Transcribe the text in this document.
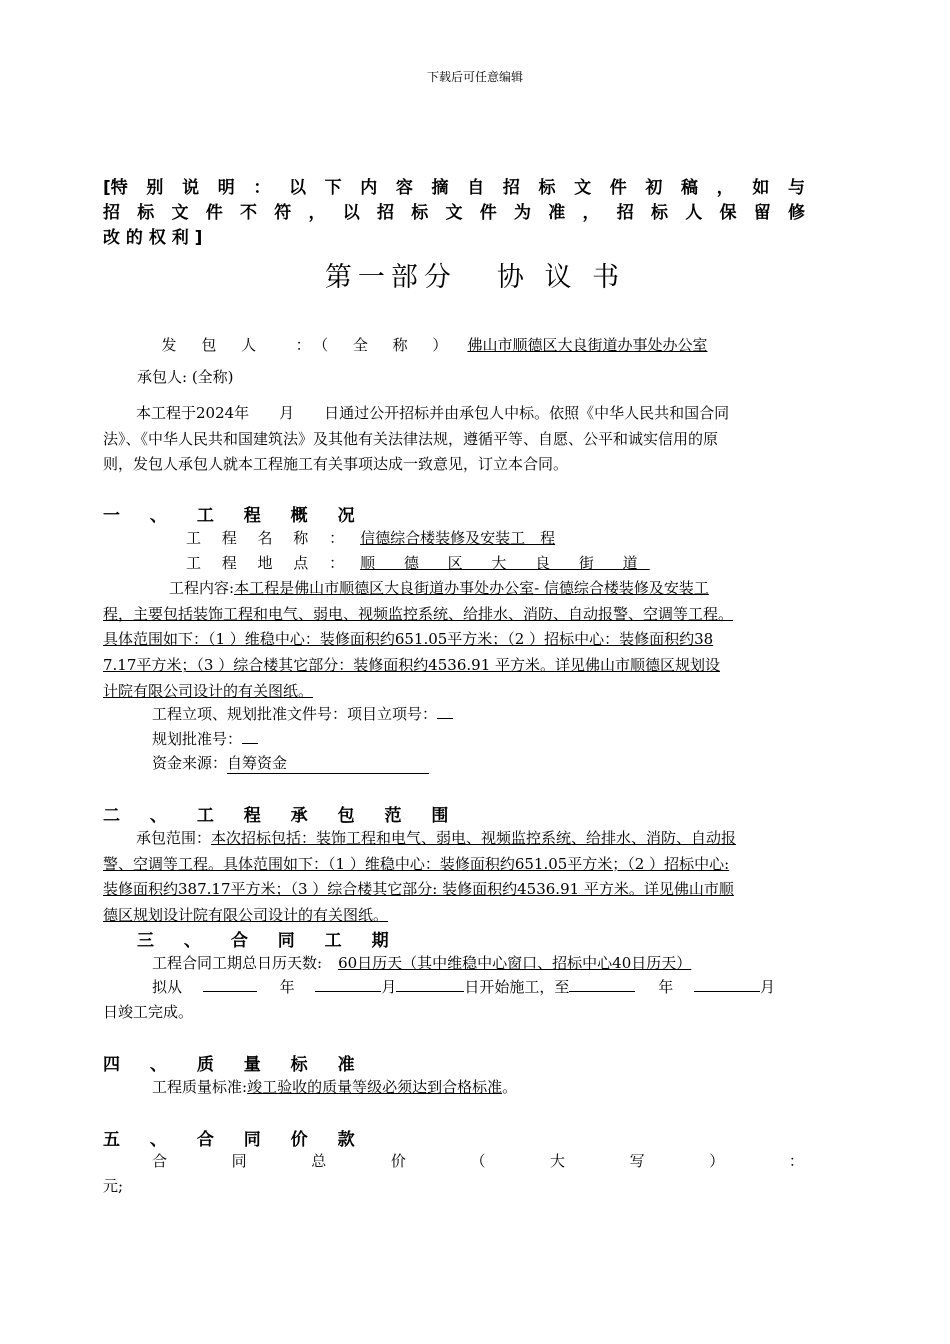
下载后可任意编辑
[特 别 说 明 ： 以 下 内 容 摘 自 招 标 文 件 初 稿 ， 如 与
招 标 文 件 不 符 ， 以 招 标 文 件 为 准 ， 招 标 人 保 留 修
改 的 权 利 ]
第一部分 协 议 书

发 包 人  ：（ 全 称 ） 佛山市顺德区大良街道办事处办公室

承包人: (全称)
本工程于2024年　　月　　日通过公开招标并由承包人中标。依照《中华人民共和国合同
法》、《中华人民共和国建筑法》及其他有关法律法规，遵循平等、自愿、公平和诚实信用的原
则，发包人承包人就本工程施工有关事项达成一致意见，订立本合同。
一 、 工 程 概 况
工 程 名 称 ： 信德综合楼装修及安装工　程
工 程 地 点 ： 顺 德 区 大 良 街 道
工程内容:本工程是佛山市顺德区大良街道办事处办公室- 信德综合楼装修及安装工
程，主要包括装饰工程和电气、弱电、视频监控系统、给排水、消防、自动报警、空调等工程。
具体范围如下：（1 ）维稳中心：装修面积约651.05平方米；（2 ）招标中心：装修面积约38
7.17平方米；（3 ）综合楼其它部分：装修面积约4536.91 平方米。详见佛山市顺德区规划设
计院有限公司设计的有关图纸。
工程立项、规划批准文件号：项目立项号：
规划批准号：
资金来源：自筹资金
二 、 工 程 承 包 范 围
承包范围：本次招标包括：装饰工程和电气、弱电、视频监控系统、给排水、消防、自动报
警、空调等工程。具体范围如下：（1 ）维稳中心：装修面积约651.05平方米；（2 ）招标中心:
装修面积约387.17平方米；（3 ）综合楼其它部分: 装修面积约4536.91 平方米。详见佛山市顺
德区规划设计院有限公司设计的有关图纸。
三 、 合 同 工 期
工程合同工期总日历天数: 60日历天（其中维稳中心窗口、招标中心40日历天）
拟从	年	月	日开始施工，至	年	月
日竣工完成。
四 、 质 量 标 准
工程质量标准:竣工验收的质量等级必须达到合格标准。
五 、 合 同 价 款
合	同	总	价	（	大	写	）	：
元;
